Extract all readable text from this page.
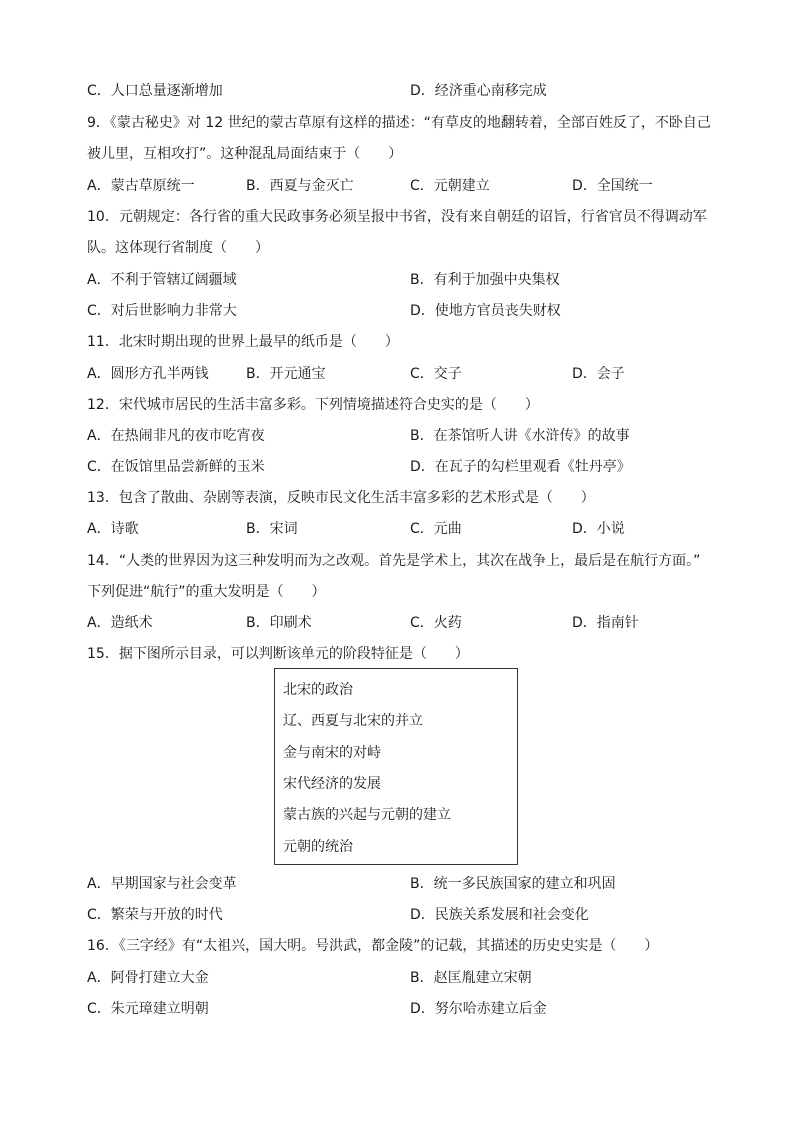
C．人口总量逐渐增加	D．经济重心南移完成
9．《蒙古秘史》对 12 世纪的蒙古草原有这样的描述：“有草皮的地翻转着，全部百姓反了，不卧自己
被儿里，互相攻打”。这种混乱局面结束于（　　）
A．蒙古草原统一	B．西夏与金灭亡	C．元朝建立	D．全国统一
10．元朝规定：各行省的重大民政事务必须呈报中书省，没有来自朝廷的诏旨，行省官员不得调动军
队。这体现行省制度（　　）
A．不利于管辖辽阔疆域	B．有利于加强中央集权
C．对后世影响力非常大	D．使地方官员丧失财权
11．北宋时期出现的世界上最早的纸币是（　　）
A．圆形方孔半两钱	B．开元通宝	C．交子	D．会子
12．宋代城市居民的生活丰富多彩。下列情境描述符合史实的是（　　）
A．在热闹非凡的夜市吃宵夜	B．在茶馆听人讲《水浒传》的故事
C．在饭馆里品尝新鲜的玉米	D．在瓦子的勾栏里观看《牡丹亭》
13．包含了散曲、杂剧等表演，反映市民文化生活丰富多彩的艺术形式是（　　）
A．诗歌	B．宋词	C．元曲	D．小说
14．“人类的世界因为这三种发明而为之改观。首先是学术上，其次在战争上，最后是在航行方面。”
下列促进“航行”的重大发明是（　　）
A．造纸术	B．印刷术	C．火药	D．指南针
15．据下图所示目录，可以判断该单元的阶段特征是（　　）
北宋的政治
辽、西夏与北宋的并立
金与南宋的对峙
宋代经济的发展
蒙古族的兴起与元朝的建立
元朝的统治
A．早期国家与社会变革	B．统一多民族国家的建立和巩固
C．繁荣与开放的时代	D．民族关系发展和社会变化
16．《三字经》有“太祖兴，国大明。号洪武，都金陵”的记载，其描述的历史史实是（　　）
A．阿骨打建立大金	B．赵匡胤建立宋朝
C．朱元璋建立明朝	D．努尔哈赤建立后金
